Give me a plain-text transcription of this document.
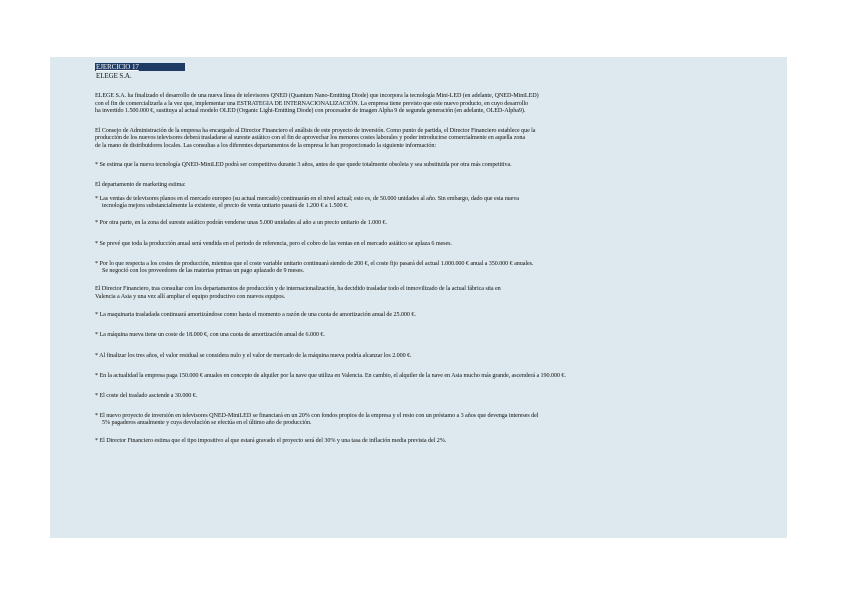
EJERCICIO 17
ELEGE S.A.

ELEGE S.A. ha finalizado el desarrollo de una nueva línea de televisores QNED (Quantum Nano-Emitting Diode) que incorpora la tecnología Mini-LED (en adelante, QNED-MiniLED)

con el fin de comercializarla a la vez que, implementar una ESTRATEGIA DE INTERNACIONALIZACIÓN. La empresa tiene previsto que este nuevo producto, en cuyo desarrollo

ha invertido 1.500.000 €, sustituya al actual modelo OLED (Organic Light-Emitting Diode) con procesador de imagen Alpha 9 de segunda generación (en adelante, OLED-Alpha9).

El Consejo de Administración de la empresa ha encargado al Director Financiero el análisis de este proyecto de inversión. Como punto de partida, el Director Financiero establece que la

producción de los nuevos televisores deberá trasladarse al sureste asiático con el fin de aprovechar los menores costes laborales y poder introducirse comercialmente en aquella zona

de la mano de distribuidores locales. Las consultas a los diferentes departamentos de la empresa le han proporcionado la siguiente información:

* Se estima que la nueva tecnología QNED-MiniLED podrá ser competitiva durante 3 años, antes de que quede totalmente obsoleta y sea substituida por otra más competitiva.

El departamento de marketing estima:

* Las ventas de televisores planos en el mercado europeo (su actual mercado) continuarán en el nivel actual; esto es, de 50.000 unidades al año. Sin embargo, dado que esta nueva
tecnología mejora substancialmente la existente, el precio de venta unitario pasará de 1.200 € a 1.500 €.
* Por otra parte, en la zona del sureste asiático podrán venderse unas 5.000 unidades al año a un precio unitario de 1.000 €.
* Se prevé que toda la producción anual será vendida en el periodo de referencia, pero el cobro de las ventas en el mercado asiático se aplaza 6 meses.
* Por lo que respecta a los costes de producción, mientras que el coste variable unitario continuará siendo de 200 €, el coste fijo pasará del actual 1.000.000 € anual a 350.000 € anuales.
Se negoció con los proveedores de las materias primas un pago aplazado de 9 meses.

El Director Financiero, tras consultar con los departamentos de producción y de internacionalización, ha decidido trasladar todo el inmovilizado de la actual fábrica sita en

Valencia a Asia y una vez allí ampliar el equipo productivo con nuevos equipos.

* La maquinaria trasladada continuará amortizándose como hasta el momento a razón de una cuota de amortización anual de 25.000 €.
* La máquina nueva tiene un coste de 18.000 €, con una cuota de amortización anual de 6.000 €.
* Al finalizar los tres años, el valor residual se considera nulo y el valor de mercado de la máquina nueva podría alcanzar los 2.000 €.
* En la actualidad la empresa paga 150.000 € anuales en concepto de alquiler por la nave que utiliza en Valencia. En cambio, el alquiler de la nave en Asia mucho más grande, ascenderá a 190.000 €.
* El coste del traslado asciende a 30.000 €.
* El nuevo proyecto de inversión en televisores QNED-MiniLED se financiará en un 20% con fondos propios de la empresa y el resto con un préstamo a 3 años que devenga intereses del
5% pagaderos anualmente y cuya devolución se efectúa en el último año de producción.
* El Director Financiero estima que el tipo impositivo al que estará gravado el proyecto será del 30% y una tasa de inflación media prevista del 2%.
